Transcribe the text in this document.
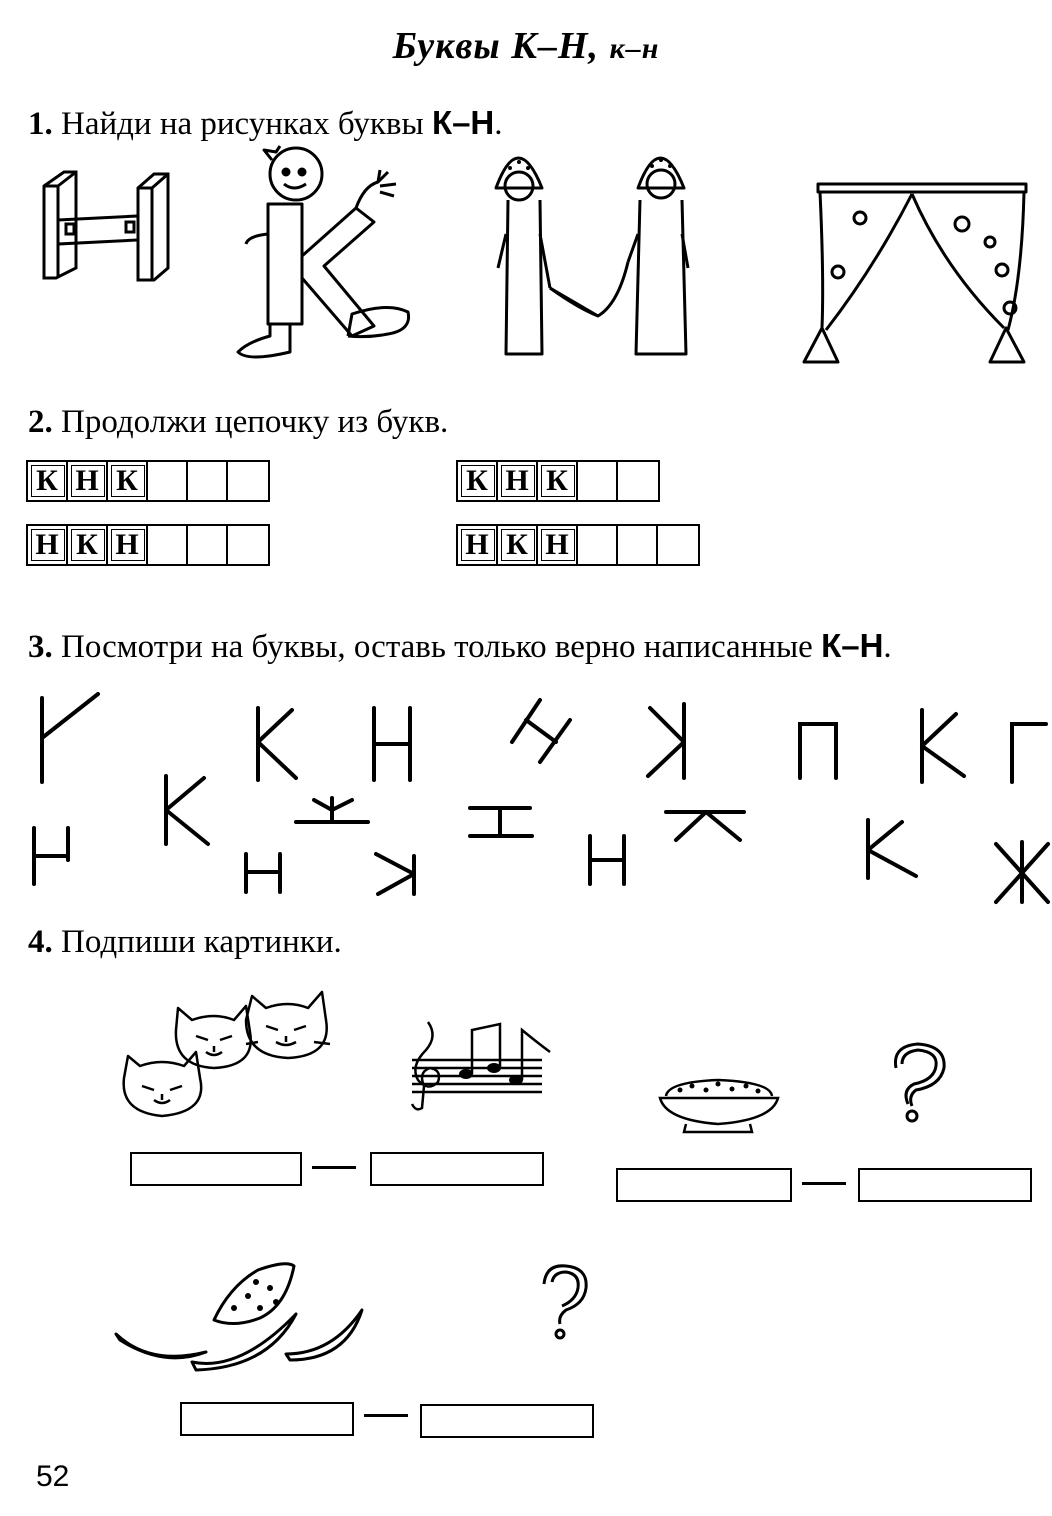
Буквы К–Н, к–н
1. Найди на рисунках буквы К–Н.
2. Продолжи цепочку из букв.
К Н К	К Н К
Н К Н	Н К Н
3. Посмотри на буквы, оставь только верно написанные К–Н.
4. Подпиши картинки.
52
